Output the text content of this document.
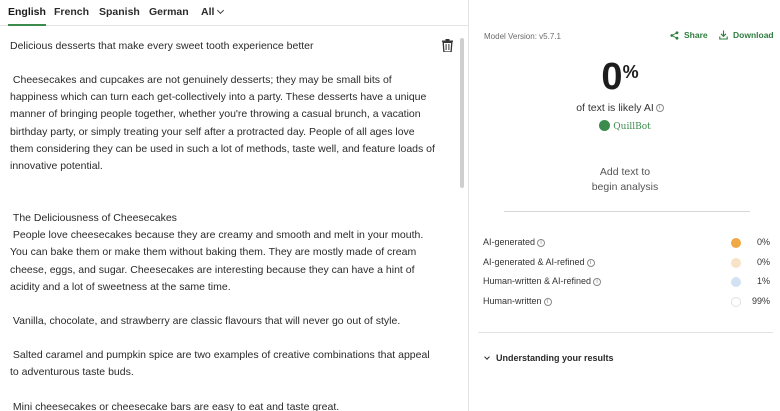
English French Spanish German All
Delicious desserts that make every sweet tooth experience better
Cheesecakes and cupcakes are not genuinely desserts; they may be small bits of happiness which can turn each get-collectively into a party. These desserts have a unique manner of bringing people together, whether you're throwing a casual brunch, a vacation birthday party, or simply treating your self after a protracted day. People of all ages love them considering they can be used in such a lot of methods, taste well, and feature loads of innovative potential.
The Deliciousness of Cheesecakes
People love cheesecakes because they are creamy and smooth and melt in your mouth. You can bake them or make them without baking them. They are mostly made of cream cheese, eggs, and sugar. Cheesecakes are interesting because they can have a hint of acidity and a lot of sweetness at the same time.
Vanilla, chocolate, and strawberry are classic flavours that will never go out of style.
Salted caramel and pumpkin spice are two examples of creative combinations that appeal to adventurous taste buds.
Mini cheesecakes or cheesecake bars are easy to eat and taste great.
Model Version: v5.7.1	Share	Download
0%
of text is likely AI i
QuillBot
Add text to
begin analysis
AI-generated i	0%
AI-generated & AI-refined i	0%
Human-written & AI-refined i	1%
Human-written i	99%
Understanding your results
